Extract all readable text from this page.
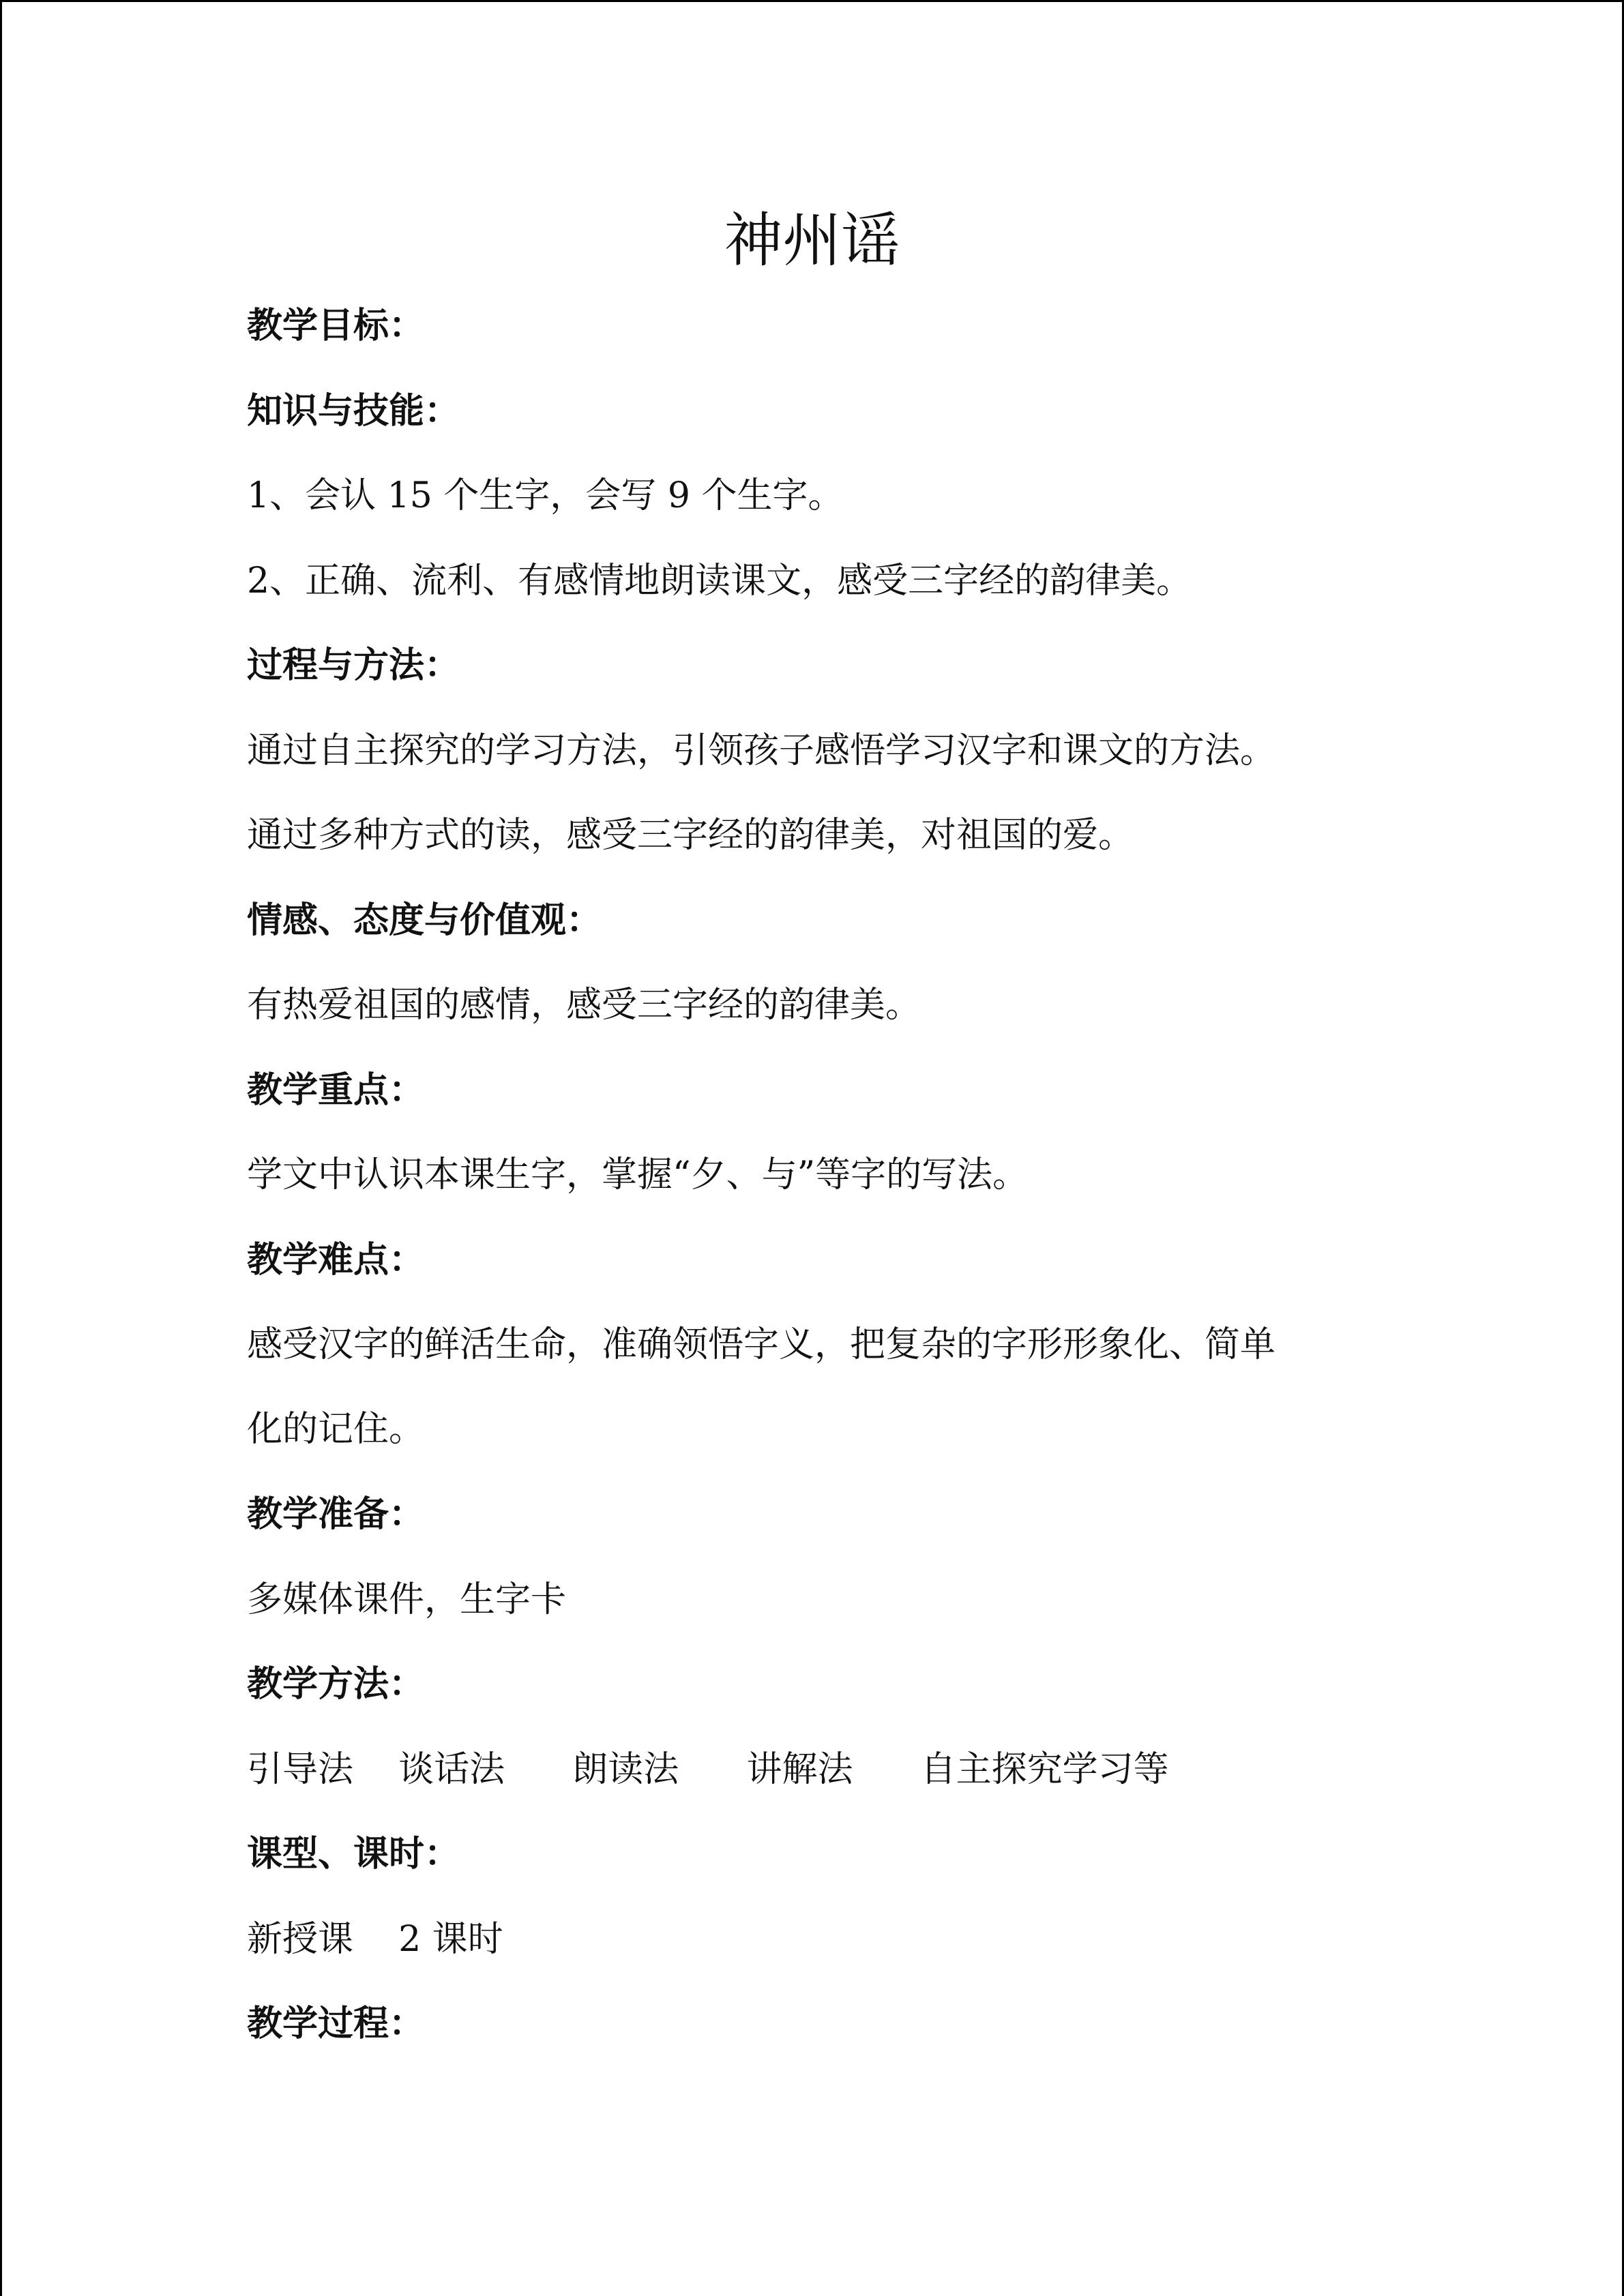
神州谣
教学目标：
知识与技能：
1、会认 15 个生字，会写 9 个生字。
2、正确、流利、有感情地朗读课文，感受三字经的韵律美。
过程与方法：
通过自主探究的学习方法，引领孩子感悟学习汉字和课文的方法。
通过多种方式的读，感受三字经的韵律美，对祖国的爱。
情感、态度与价值观：
有热爱祖国的感情，感受三字经的韵律美。
教学重点：
学文中认识本课生字，掌握“夕、与”等字的写法。
教学难点：
感受汉字的鲜活生命，准确领悟字义，把复杂的字形形象化、简单
化的记住。
教学准备：
多媒体课件，生字卡
教学方法：
引导法    谈话法      朗读法      讲解法      自主探究学习等
课型、课时：
新授课    2 课时
教学过程：
